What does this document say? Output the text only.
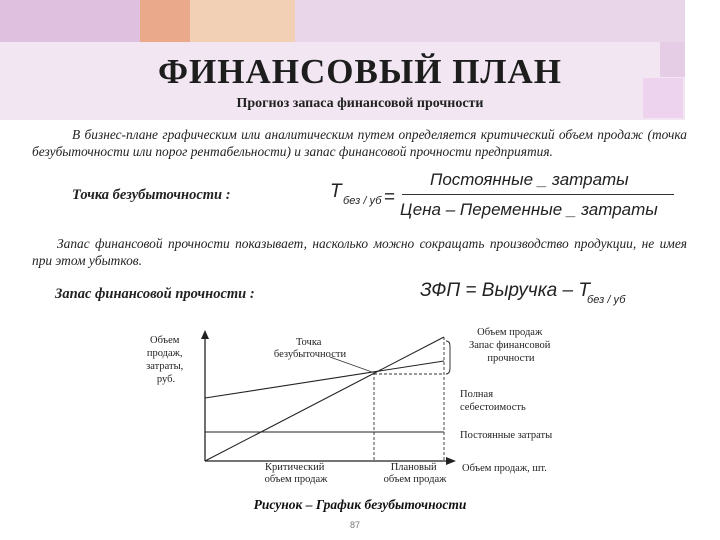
ФИНАНСОВЫЙ ПЛАН
Прогноз запаса финансовой прочности
В бизнес-плане графическим или аналитическим путем определяется критический объем продаж (точка безубыточности или порог рентабельности) и запас финансовой прочности предприятия.
Точка безубыточности :	T без / уб =
Постоянные _ затраты
Цена – Переменные _ затраты
Запас финансовой прочности показывает, насколько можно сокращать производство продукции, не имея при этом убытков.
Запас финансовой прочности :	ЗФП = Выручка – Т
без / уб
Объем продаж, затраты, руб.
Точка безубыточности
Объем продаж Запас финансовой прочности
Полная себестоимость
Постоянные затраты
Критический объем продаж
Плановый объем продаж
Объем продаж, шт.
Рисунок – График безубыточности
87
